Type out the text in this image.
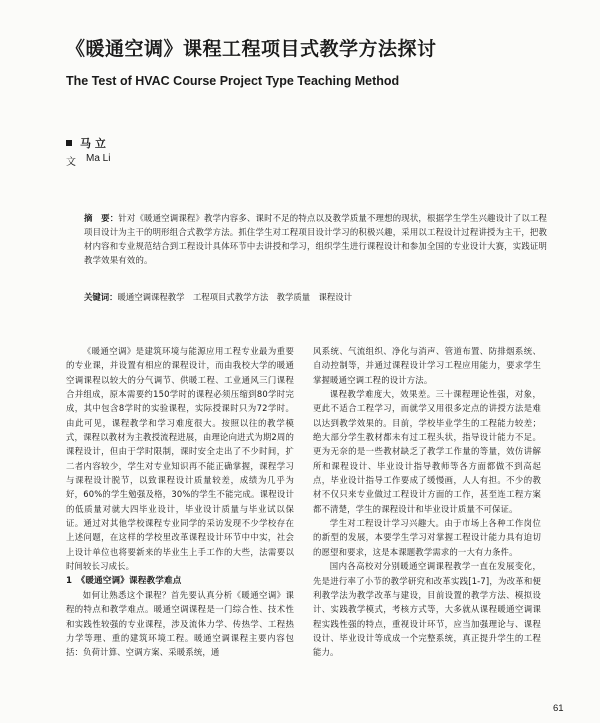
《暖通空调》课程工程项目式教学方法探讨
The Test of HVAC Course Project Type Teaching Method
马 立
文 Ma Li

摘　要：针对《暖通空调课程》教学内容多、课时不足的特点以及教学质量不理想的现状，根据学生学生兴趣设计了以工程项目设计为主干的明形组合式教学方法。抓住学生对工程项目设计学习的积极兴趣，采用以工程设计过程讲授为主干，把教材内容和专业规范结合到工程设计具体环节中去讲授和学习，组织学生进行课程设计和参加全国的专业设计大赛，实践证明教学效果有效的。

关键词：暖通空调课程教学　 工程项目式教学方法　 教学质量　 课程设计

《暖通空调》是建筑环境与能源应用工程专业最为重要的专业课，并设置有相应的课程设计，而由我校大学的暖通空调课程以较大的分气调节、供暖工程、工业通风三门课程合并组成，原本需要约150学时的课程必须压缩到80学时完成，其中包含8学时的实验课程，实际授课时只为72学时。由此可见，课程教学和学习难度很大。按照以往的教学模式，课程以教材为主教授流程进展，由理论向进式为期2周的课程设计，但由于学时限制，课时安全走出了不少时间，扩二者内容较少，学生对专业知识再不能正确掌握，课程学习与课程设计脱节，以致课程设计质量较差，成绩为几乎为好，60%的学生勉强及格，30%的学生不能完成。课程设计的低质量对就大四毕业设计，毕业设计质量与毕业试以保证。通过对其他学校课程专业同学的采访发现不少学校存在上述问题，在这样的学校里改革课程设计环节中中实，社会上设计单位也将要新来的毕业生上手工作的大些，法需要以时间较长习成长。

1　《暖通空调》课程教学难点

如何让熟悉这个课程？首先要认真分析《暖通空调》课程的特点和教学难点。暖通空调课程是一门综合性、技术性和实践性较强的专业课程，涉及流体力学、传热学、工程热力学等理、重的建筑环境工程。暖通空调课程主要内容包括：负荷计算、空调方案、采暖系统，通

风系统、气流组织、净化与消声、管道布置、防排烟系统、自动控制等，并通过课程设计学习工程应用能力，要求学生掌握暖通空调工程的设计方法。

课程教学难度大，效果差。三十课程理论性强，对象，更此不适合工程学习，而就学又用很多定点的讲授方法是难以达到教学效果的。目前，学校毕业学生的工程能力较差；绝大部分学生教材都未有过工程头状，指导设计能力不足。更为无奈的是一些教材缺乏了教学工作量的等量，效仿讲解所和课程设计、毕业设计指导教师等各方面都做不到高起点，毕业设计指导工作要成了缓慢画，人人有担。不少的教材不仅只来专业做过工程设计方面的工作，甚至连工程方案都不清楚，学生的课程设计和毕业设计质量不可保证。

学生对工程设计学习兴趣大。由于市场上各种工作岗位的新型的发展，本要学生学习对掌握工程设计能力具有迫切的愿望和要求，这是本课题教学需求的一大有力条件。

国内各高校对分别暖通空调课程教学一直在发展变化，先是进行率了小节的教学研究和改革实践[1-7]，为改革和便利教学法为教学改革与建设，目前设置的教学方法、模拟设计、实践教学模式，考核方式等，大多就从课程暖通空调课程实践性强的特点，重视设计环节，应当加强理论与、课程设计、毕业设计等成成一个完整系统，真正提升学生的工程能力。

61
